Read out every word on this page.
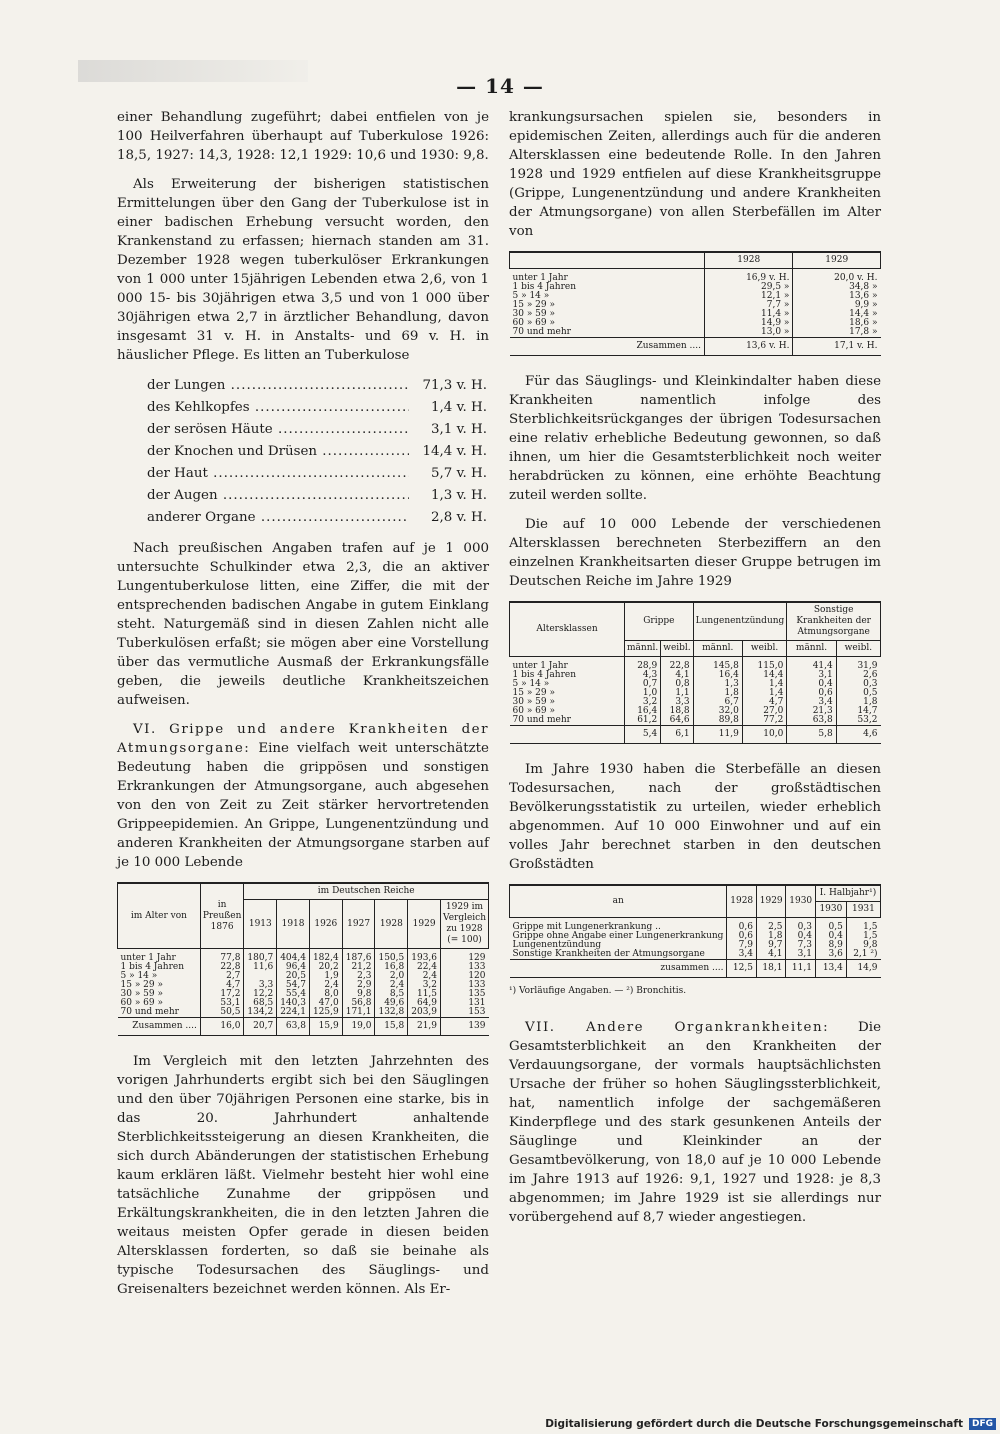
— 14 —

einer Behandlung zugeführt; dabei entfielen von je 100 Heilverfahren überhaupt auf Tuberkulose 1926: 18,5, 1927: 14,3, 1928: 12,1 1929: 10,6 und 1930: 9,8.

Als Erweiterung der bisherigen statistischen Ermittelungen über den Gang der Tuberkulose ist in einer badischen Erhebung versucht worden, den Krankenstand zu erfassen; hiernach standen am 31. Dezember 1928 wegen tuberkulöser Erkrankungen von 1 000 unter 15jährigen Lebenden etwa 2,6, von 1 000 15- bis 30jährigen etwa 3,5 und von 1 000 über 30jährigen etwa 2,7 in ärztlicher Behandlung, davon insgesamt 31 v. H. in Anstalts- und 69 v. H. in häuslicher Pflege. Es litten an Tuberkulose

der Lungen .....	71,3 v. H.
des Kehlkopfes .....	1,4 v. H.
der serösen Häute .....	3,1 v. H.
der Knochen und Drüsen .....	14,4 v. H.
der Haut .....	5,7 v. H.
der Augen .....	1,3 v. H.
anderer Organe .....	2,8 v. H.

Nach preußischen Angaben trafen auf je 1 000 untersuchte Schulkinder etwa 2,3, die an aktiver Lungentuberkulose litten, eine Ziffer, die mit der entsprechenden badischen Angabe in gutem Einklang steht. Naturgemäß sind in diesen Zahlen nicht alle Tuberkulösen erfaßt; sie mögen aber eine Vorstellung über das vermutliche Ausmaß der Erkrankungsfälle geben, die jeweils deutliche Krankheitszeichen aufweisen.

VI. Grippe und andere Krankheiten der Atmungsorgane: Eine vielfach weit unterschätzte Bedeutung haben die grippösen und sonstigen Erkrankungen der Atmungsorgane, auch abgesehen von den von Zeit zu Zeit stärker hervortretenden Grippeepidemien. An Grippe, Lungenentzündung und anderen Krankheiten der Atmungsorgane starben auf je 10 000 Lebende

im Alter von	in Preußen 1876	im Deutschen Reiche						
		1913	1918	1926	1927	1928	1929	1929 im Vergleich zu 1928 (= 100)
unter 1 Jahr	77,8	180,7	404,4	182,4	187,6	150,5	193,6	129
1 bis 4 Jahren	22,8	11,6	96,4	20,2	21,2	16,8	22,4	133
5 » 14 »	2,7		20,5	1,9	2,3	2,0	2,4	120
15 » 29 »	4,7	3,3	54,7	2,4	2,9	2,4	3,2	133
30 » 59 »	17,2	12,2	55,4	8,0	9,8	8,5	11,5	135
60 » 69 »	53,1	68,5	140,3	47,0	56,8	49,6	64,9	131
70 und mehr	50,5	134,2	224,1	125,9	171,1	132,8	203,9	153
Zusammen ....	16,0	20,7	63,8	15,9	19,0	15,8	21,9	139

Im Vergleich mit den letzten Jahrzehnten des vorigen Jahrhunderts ergibt sich bei den Säuglingen und den über 70jährigen Personen eine starke, bis in das 20. Jahrhundert anhaltende Sterblichkeitssteigerung an diesen Krankheiten, die sich durch Abänderungen der statistischen Erhebung kaum erklären läßt. Vielmehr besteht hier wohl eine tatsächliche Zunahme der grippösen und Erkältungskrankheiten, die in den letzten Jahren die weitaus meisten Opfer gerade in diesen beiden Altersklassen forderten, so daß sie beinahe als typische Todesursachen des Säuglings- und Greisenalters bezeichnet werden können. Als Er-

krankungsursachen spielen sie, besonders in epidemischen Zeiten, allerdings auch für die anderen Altersklassen eine bedeutende Rolle. In den Jahren 1928 und 1929 entfielen auf diese Krankheitsgruppe (Grippe, Lungenentzündung und andere Krankheiten der Atmungsorgane) von allen Sterbefällen im Alter von

	1928	1929
unter 1 Jahr	16,9 v. H.	20,0 v. H.
1 bis 4 Jahren	29,5 »	34,8 »
5 » 14 »	12,1 »	13,6 »
15 » 29 »	7,7 »	9,9 »
30 » 59 »	11,4 »	14,4 »
60 » 69 »	14,9 »	18,6 »
70 und mehr	13,0 »	17,8 »
Zusammen ....	13,6 v. H.	17,1 v. H.

Für das Säuglings- und Kleinkindalter haben diese Krankheiten namentlich infolge des Sterblichkeitsrückganges der übrigen Todesursachen eine relativ erhebliche Bedeutung gewonnen, so daß ihnen, um hier die Gesamtsterblichkeit noch weiter herabdrücken zu können, eine erhöhte Beachtung zuteil werden sollte.

Die auf 10 000 Lebende der verschiedenen Altersklassen berechneten Sterbeziffern an den einzelnen Krankheitsarten dieser Gruppe betrugen im Deutschen Reiche im Jahre 1929

Altersklassen	Grippe		Lungenentzündung		Sonstige Krankheiten der Atmungsorgane	
	männl.	weibl.	männl.	weibl.	männl.	weibl.
unter 1 Jahr	28,9	22,8	145,8	115,0	41,4	31,9
1 bis 4 Jahren	4,3	4,1	16,4	14,4	3,1	2,6
5 » 14 »	0,7	0,8	1,3	1,4	0,4	0,3
15 » 29 »	1,0	1,1	1,8	1,4	0,6	0,5
30 » 59 »	3,2	3,3	6,7	4,7	3,4	1,8
60 » 69 »	16,4	18,8	32,0	27,0	21,3	14,7
70 und mehr	61,2	64,6	89,8	77,2	63,8	53,2
	5,4	6,1	11,9	10,0	5,8	4,6

Im Jahre 1930 haben die Sterbefälle an diesen Todesursachen, nach der großstädtischen Bevölkerungsstatistik zu urteilen, wieder erheblich abgenommen. Auf 10 000 Einwohner und auf ein volles Jahr berechnet starben in den deutschen Großstädten

an	1928	1929	1930	I. Halbjahr¹)	
				1930	1931
Grippe mit Lungenerkrankung ..	0,6	2,5	0,3	0,5	1,5
Grippe ohne Angabe einer Lungenerkrankung	0,6	1,8	0,4	0,4	1,5
Lungenentzündung	7,9	9,7	7,3	8,9	9,8
Sonstige Krankheiten der Atmungsorgane	3,4	4,1	3,1	3,6	2,1 ²)
zusammen ....	12,5	18,1	11,1	13,4	14,9
¹) Vorläufige Angaben. — ²) Bronchitis.

VII. Andere Organkrankheiten: Die Gesamtsterblichkeit an den Krankheiten der Verdauungsorgane, der vormals hauptsächlichsten Ursache der früher so hohen Säuglingssterblichkeit, hat, namentlich infolge der sachgemäßeren Kinderpflege und des stark gesunkenen Anteils der Säuglinge und Kleinkinder an der Gesamtbevölkerung, von 18,0 auf je 10 000 Lebende im Jahre 1913 auf 1926: 9,1, 1927 und 1928: je 8,3 abgenommen; im Jahre 1929 ist sie allerdings nur vorübergehend auf 8,7 wieder angestiegen.

Digitalisierung gefördert durch die Deutsche Forschungsgemeinschaft	DFG
